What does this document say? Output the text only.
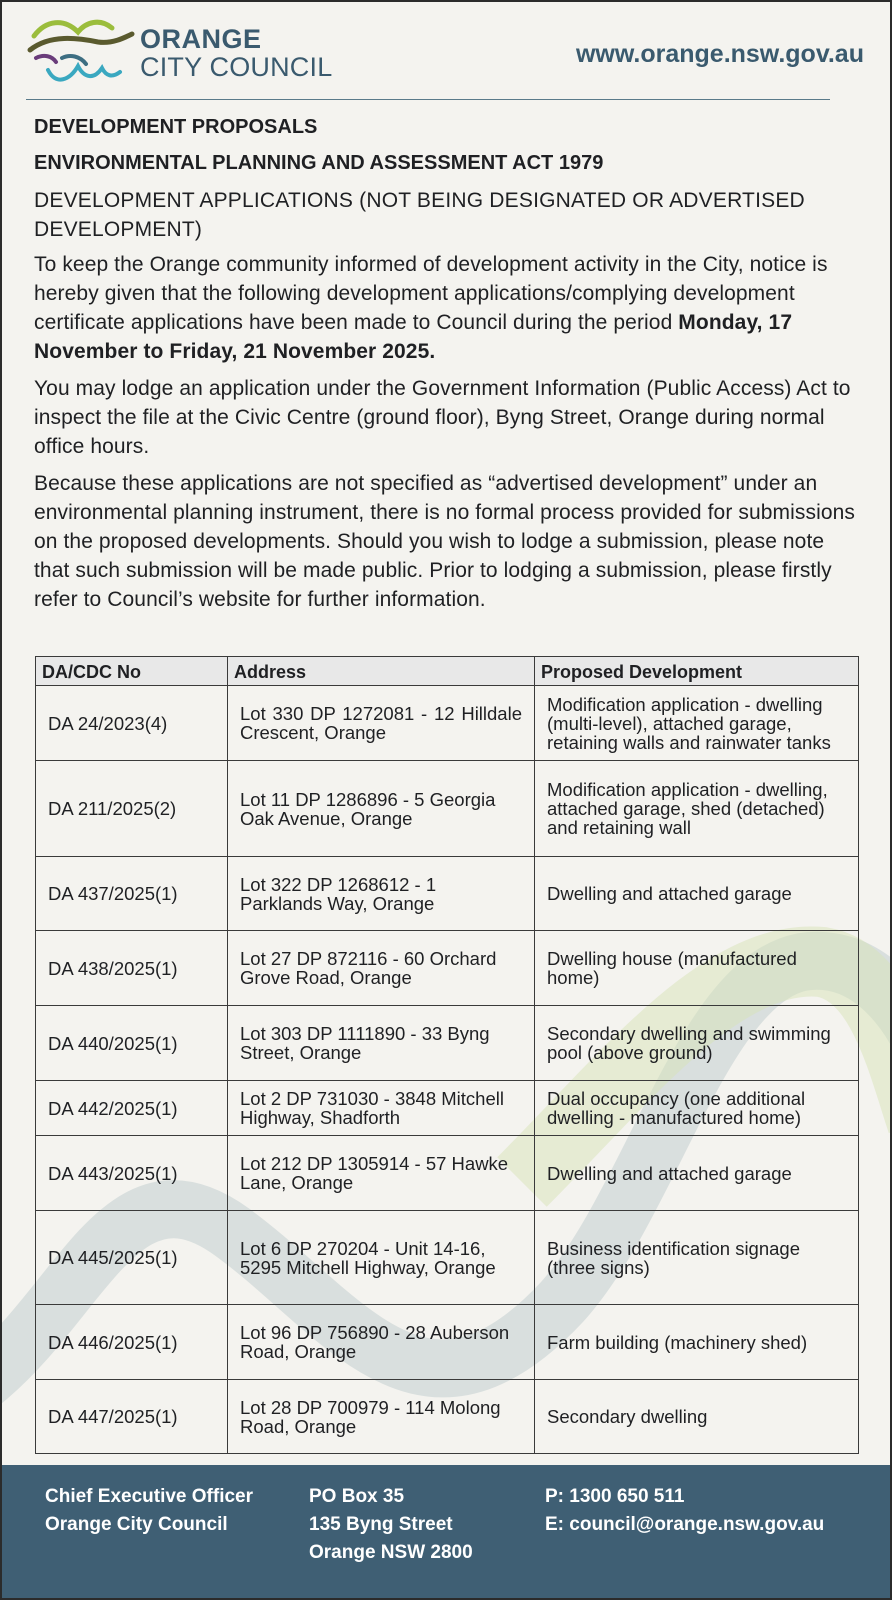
ORANGE
CITY COUNCIL	www.orange.nsw.gov.au
DEVELOPMENT PROPOSALS
ENVIRONMENTAL PLANNING AND ASSESSMENT ACT 1979
DEVELOPMENT APPLICATIONS (NOT BEING DESIGNATED OR ADVERTISED DEVELOPMENT)

To keep the Orange community informed of development activity in the City, notice is hereby given that the following development applications/complying development certificate applications have been made to Council during the period Monday, 17 November to Friday, 21 November 2025.

You may lodge an application under the Government Information (Public Access) Act to inspect the file at the Civic Centre (ground floor), Byng Street, Orange during normal office hours.

Because these applications are not specified as “advertised development” under an environmental planning instrument, there is no formal process provided for submissions on the proposed developments. Should you wish to lodge a submission, please note that such submission will be made public. Prior to lodging a submission, please firstly refer to Council’s website for further information.

DA/CDC No	Address	Proposed Development
DA 24/2023(4)	Lot 330 DP 1272081 - 12 Hilldale Crescent, Orange	Modification application - dwelling (multi-level), attached garage, retaining walls and rainwater tanks
DA 211/2025(2)	Lot 11 DP 1286896 - 5 Georgia Oak Avenue, Orange	Modification application - dwelling, attached garage, shed (detached) and retaining wall
DA 437/2025(1)	Lot 322 DP 1268612 - 1 Parklands Way, Orange	Dwelling and attached garage
DA 438/2025(1)	Lot 27 DP 872116 - 60 Orchard Grove Road, Orange	Dwelling house (manufactured home)
DA 440/2025(1)	Lot 303 DP 1111890 - 33 Byng Street, Orange	Secondary dwelling and swimming pool (above ground)
DA 442/2025(1)	Lot 2 DP 731030 - 3848 Mitchell Highway, Shadforth	Dual occupancy (one additional dwelling - manufactured home)
DA 443/2025(1)	Lot 212 DP 1305914 - 57 Hawke Lane, Orange	Dwelling and attached garage
DA 445/2025(1)	Lot 6 DP 270204 - Unit 14-16, 5295 Mitchell Highway, Orange	Business identification signage (three signs)
DA 446/2025(1)	Lot 96 DP 756890 - 28 Auberson Road, Orange	Farm building (machinery shed)
DA 447/2025(1)	Lot 28 DP 700979 - 114 Molong Road, Orange	Secondary dwelling
Chief Executive Officer
Orange City Council
PO Box 35
135 Byng Street
Orange NSW 2800
P: 1300 650 511
E: council@orange.nsw.gov.au
